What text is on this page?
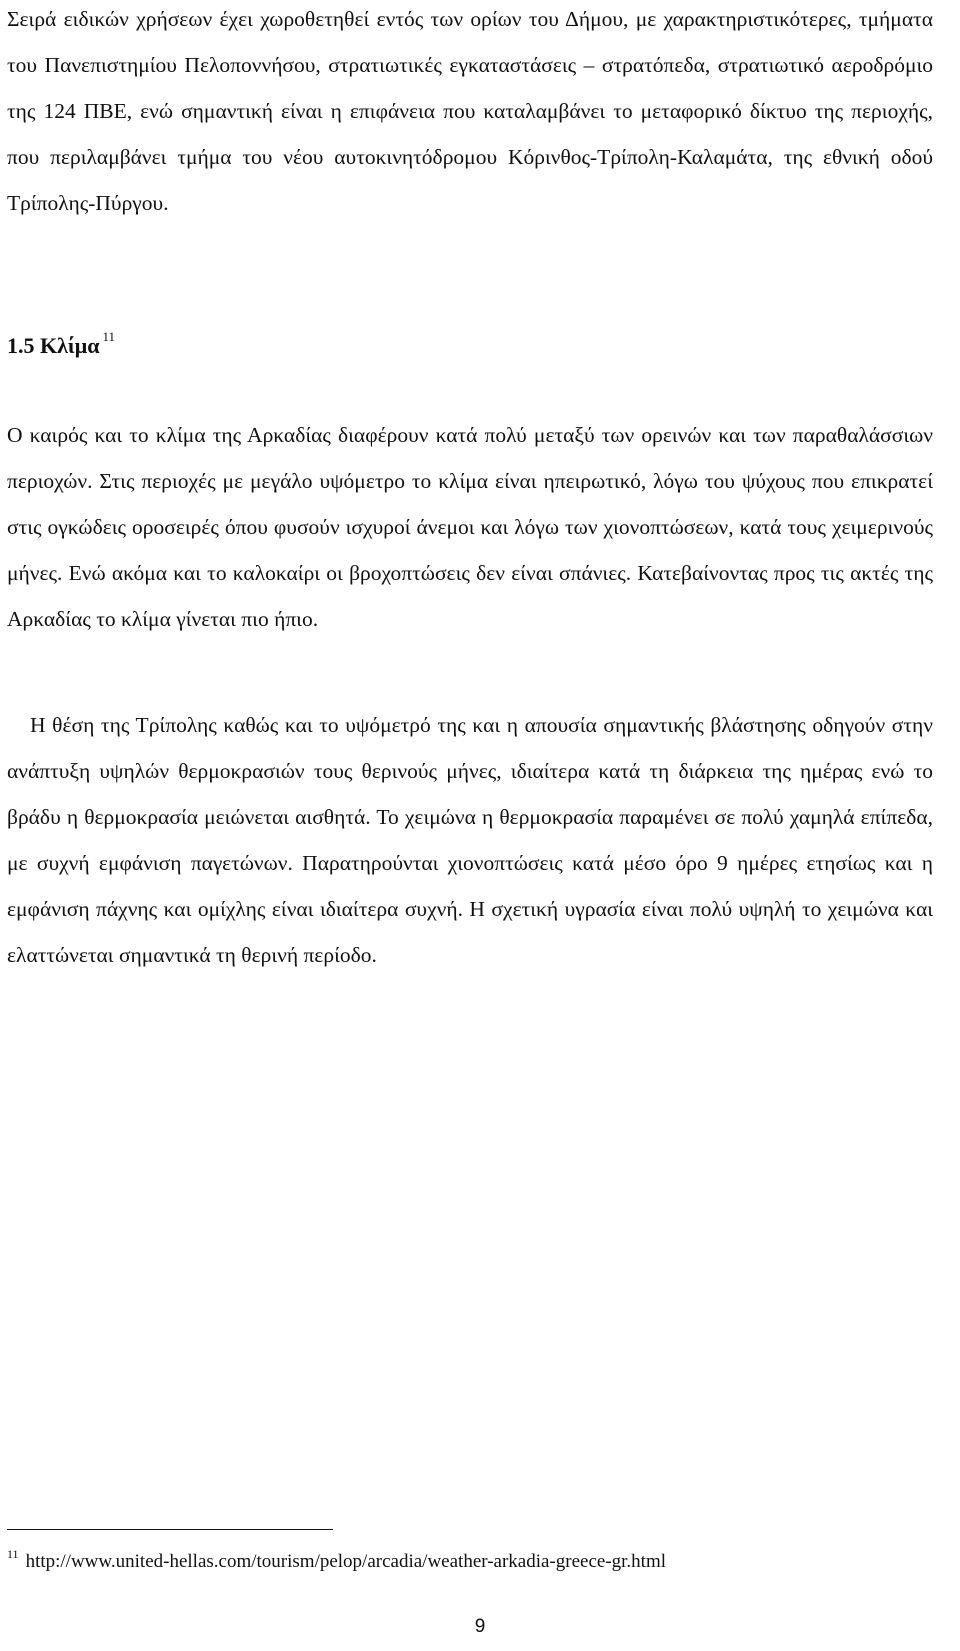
Σειρά ειδικών χρήσεων έχει χωροθετηθεί εντός των ορίων του Δήμου, με χαρακτηριστικότερες, τμήματα του Πανεπιστημίου Πελοποννήσου, στρατιωτικές εγκαταστάσεις – στρατόπεδα, στρατιωτικό αεροδρόμιο της 124 ΠΒΕ, ενώ σημαντική είναι η επιφάνεια που καταλαμβάνει το μεταφορικό δίκτυο της περιοχής, που περιλαμβάνει τμήμα του νέου αυτοκινητόδρομου Κόρινθος-Τρίπολη-Καλαμάτα, της εθνική οδού Τρίπολης-Πύργου.

1.5 Κλίμα $^{11}$

Ο καιρός και το κλίμα της Αρκαδίας διαφέρουν κατά πολύ μεταξύ των ορεινών και των παραθαλάσσιων περιοχών. Στις περιοχές με μεγάλο υψόμετρο το κλίμα είναι ηπειρωτικό, λόγω του ψύχους που επικρατεί στις ογκώδεις οροσειρές όπου φυσούν ισχυροί άνεμοι και λόγω των χιονοπτώσεων, κατά τους χειμερινούς μήνες. Ενώ ακόμα και το καλοκαίρι οι βροχοπτώσεις δεν είναι σπάνιες. Κατεβαίνοντας προς τις ακτές της Αρκαδίας το κλίμα γίνεται πιο ήπιο.

Η θέση της Τρίπολης καθώς και το υψόμετρό της και η απουσία σημαντικής βλάστησης οδηγούν στην ανάπτυξη υψηλών θερμοκρασιών τους θερινούς μήνες, ιδιαίτερα κατά τη διάρκεια της ημέρας ενώ το βράδυ η θερμοκρασία μειώνεται αισθητά. Το χειμώνα η θερμοκρασία παραμένει σε πολύ χαμηλά επίπεδα, με συχνή εμφάνιση παγετώνων. Παρατηρούνται χιονοπτώσεις κατά μέσο όρο 9 ημέρες ετησίως και η εμφάνιση πάχνης και ομίχλης είναι ιδιαίτερα συχνή. Η σχετική υγρασία είναι πολύ υψηλή το χειμώνα και ελαττώνεται σημαντικά τη θερινή περίοδο.

$^{11}$ http://www.united-hellas.com/tourism/pelop/arcadia/weather-arkadia-greece-gr.html
9
